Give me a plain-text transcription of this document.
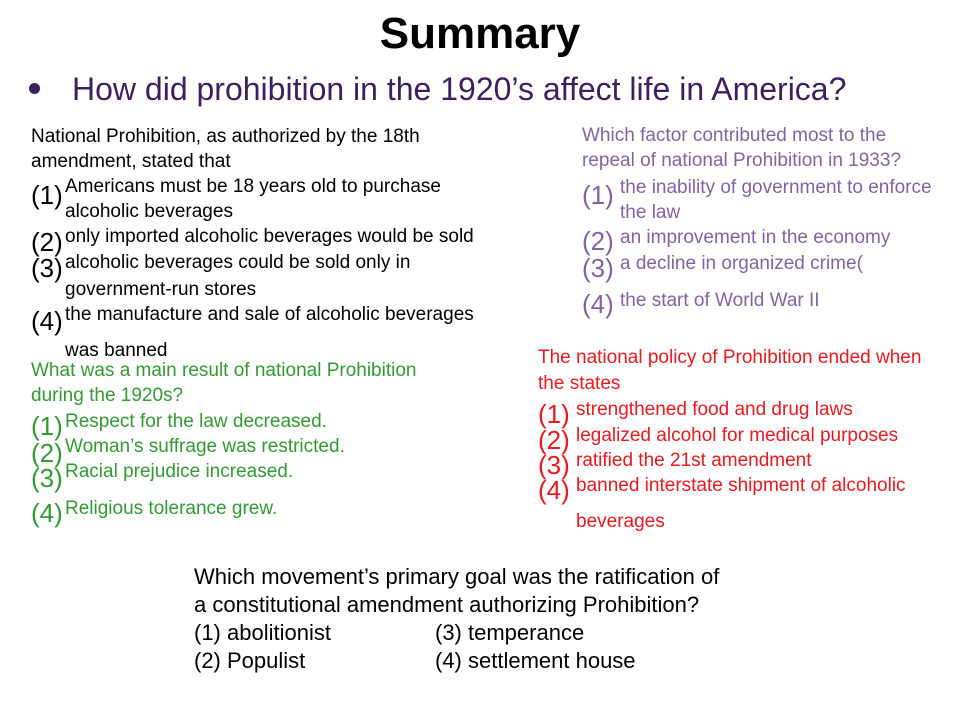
Summary
How did prohibition in the 1920’s affect life in America?
National Prohibition, as authorized by the 18th
amendment, stated that
(1) Americans must be 18 years old to purchase
alcoholic beverages
(2) only imported alcoholic beverages would be sold
(3) alcoholic beverages could be sold only in
government-run stores
(4) the manufacture and sale of alcoholic beverages
was banned
What was a main result of national Prohibition
during the 1920s?
(1) Respect for the law decreased.
(2) Woman’s suffrage was restricted.
(3) Racial prejudice increased.
(4) Religious tolerance grew.
Which factor contributed most to the
repeal of national Prohibition in 1933?
(1) the inability of government to enforce
the law
(2) an improvement in the economy
(3) a decline in organized crime(
(4) the start of World War II
The national policy of Prohibition ended when
the states
(1) strengthened food and drug laws
(2) legalized alcohol for medical purposes
(3) ratified the 21st amendment
(4) banned interstate shipment of alcoholic
beverages
Which movement’s primary goal was the ratification of
a constitutional amendment authorizing Prohibition?
(1) abolitionist	(3) temperance
(2) Populist	(4) settlement house
